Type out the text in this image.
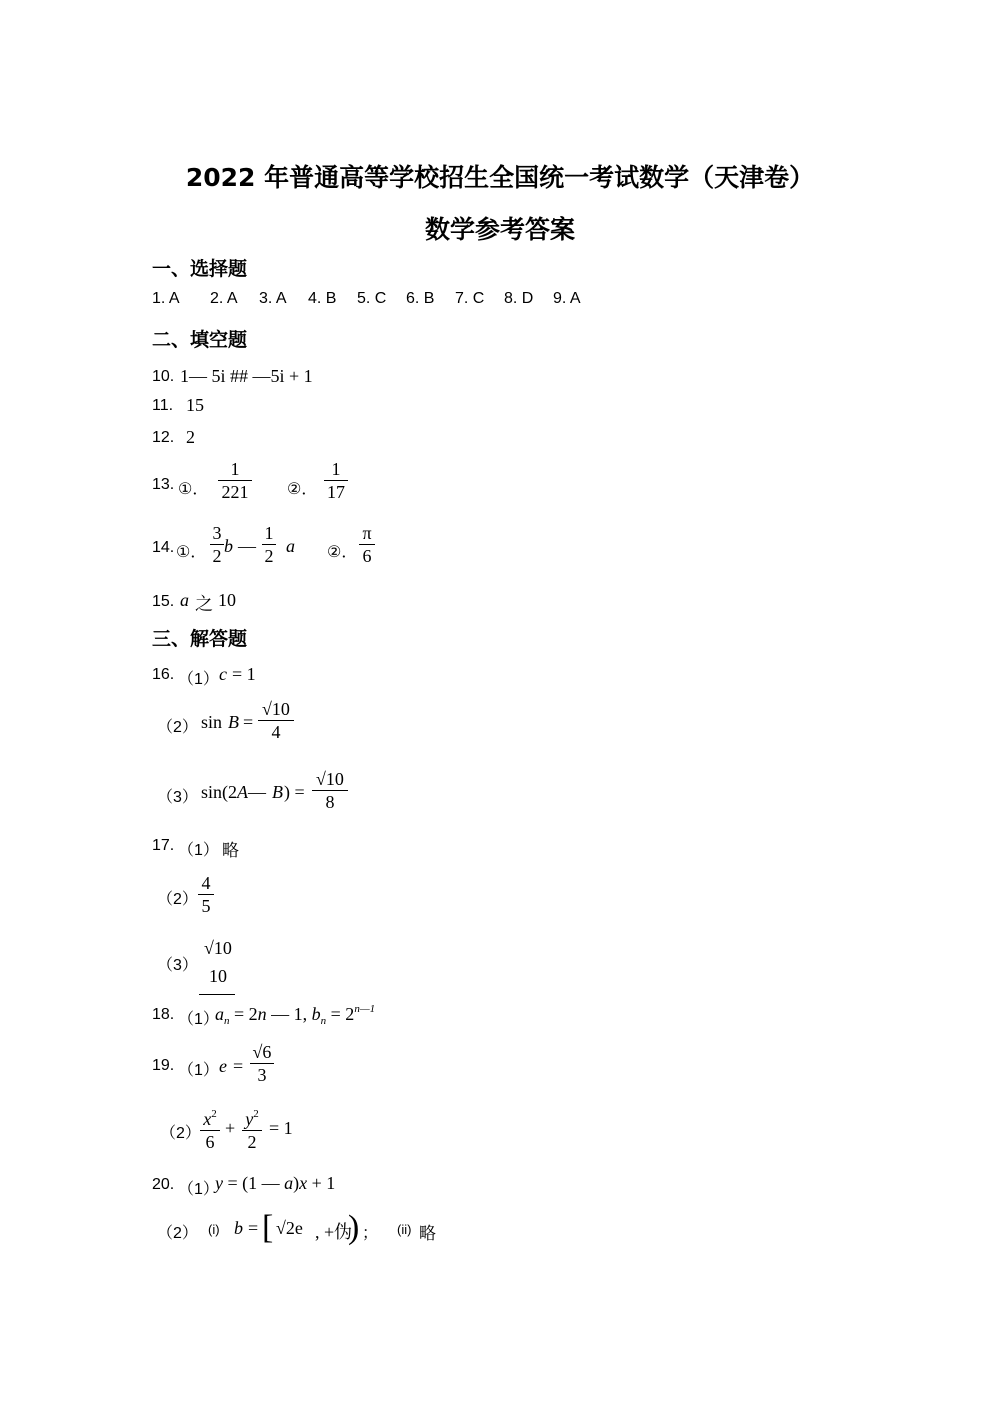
2022 年普通高等学校招生全国统一考试数学（天津卷）
数学参考答案
一、选择题
1. A 2. A 3. A 4. B 5. C 6. B 7. C 8. D 9. A
二、填空题
10. 1— 5i ## —5i + 1
11. 15
12. 2
13. ①．
1
221 ②．
1
17
14. ①．
3
2 b —
1
2 a ②．
π
6
15. a 之 10
三、解答题
16. （1） c = 1
（2） sin B =
√10
4
（3） sin(2 A — B ) =
√10
8
17. （1） 略
（2）
4
5
（3）
√10
10
18. （1）
$a_n = 2n$ — 1, $b_n = 2^{n—1}$
19. （1） e =
√6
3
（2）
$x^2$
6
+ $y^2$
2
= 1
20. （1）
y = (1 — a)x + 1
（2） (i) b = [ √2e , +伪
) ； (ii) 略
